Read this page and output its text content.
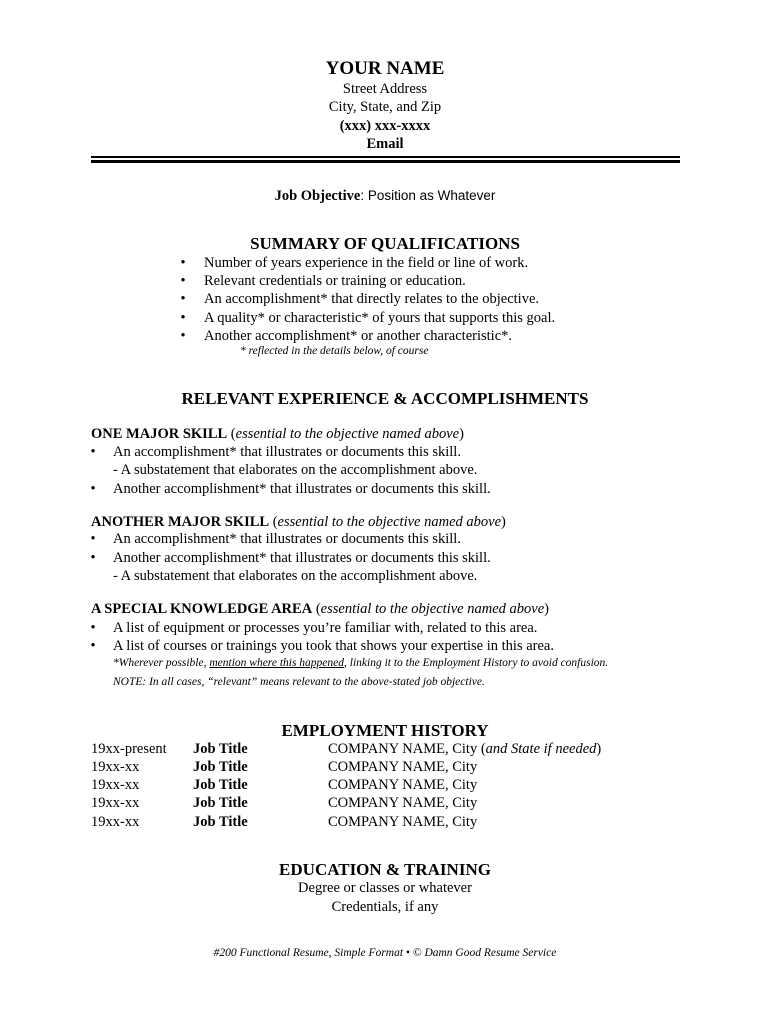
YOUR NAME
Street Address
City, State, and Zip
(xxx) xxx-xxxx
Email
Job Objective: Position as Whatever
SUMMARY OF QUALIFICATIONS
• Number of years experience in the field or line of work.
• Relevant credentials or training or education.
• An accomplishment* that directly relates to the objective.
• A quality* or characteristic* of yours that supports this goal.
• Another accomplishment* or another characteristic*.
* reflected in the details below, of course
RELEVANT EXPERIENCE & ACCOMPLISHMENTS
ONE MAJOR SKILL (essential to the objective named above)
• An accomplishment* that illustrates or documents this skill.
- A substatement that elaborates on the accomplishment above.
• Another accomplishment* that illustrates or documents this skill.
ANOTHER MAJOR SKILL (essential to the objective named above)
• An accomplishment* that illustrates or documents this skill.
• Another accomplishment* that illustrates or documents this skill.
- A substatement that elaborates on the accomplishment above.
A SPECIAL KNOWLEDGE AREA (essential to the objective named above)
• A list of equipment or processes you’re familiar with, related to this area.
• A list of courses or trainings you took that shows your expertise in this area.
*Wherever possible, mention where this happened, linking it to the Employment History to avoid confusion.
NOTE: In all cases, “relevant” means relevant to the above-stated job objective.
EMPLOYMENT HISTORY
19xx-present Job Title	COMPANY NAME, City (and State if needed)
19xx-xx	Job Title	COMPANY NAME, City
19xx-xx	Job Title	COMPANY NAME, City
19xx-xx	Job Title	COMPANY NAME, City
19xx-xx	Job Title	COMPANY NAME, City
EDUCATION & TRAINING
Degree or classes or whatever
Credentials, if any
#200 Functional Resume, Simple Format • © Damn Good Resume Service
